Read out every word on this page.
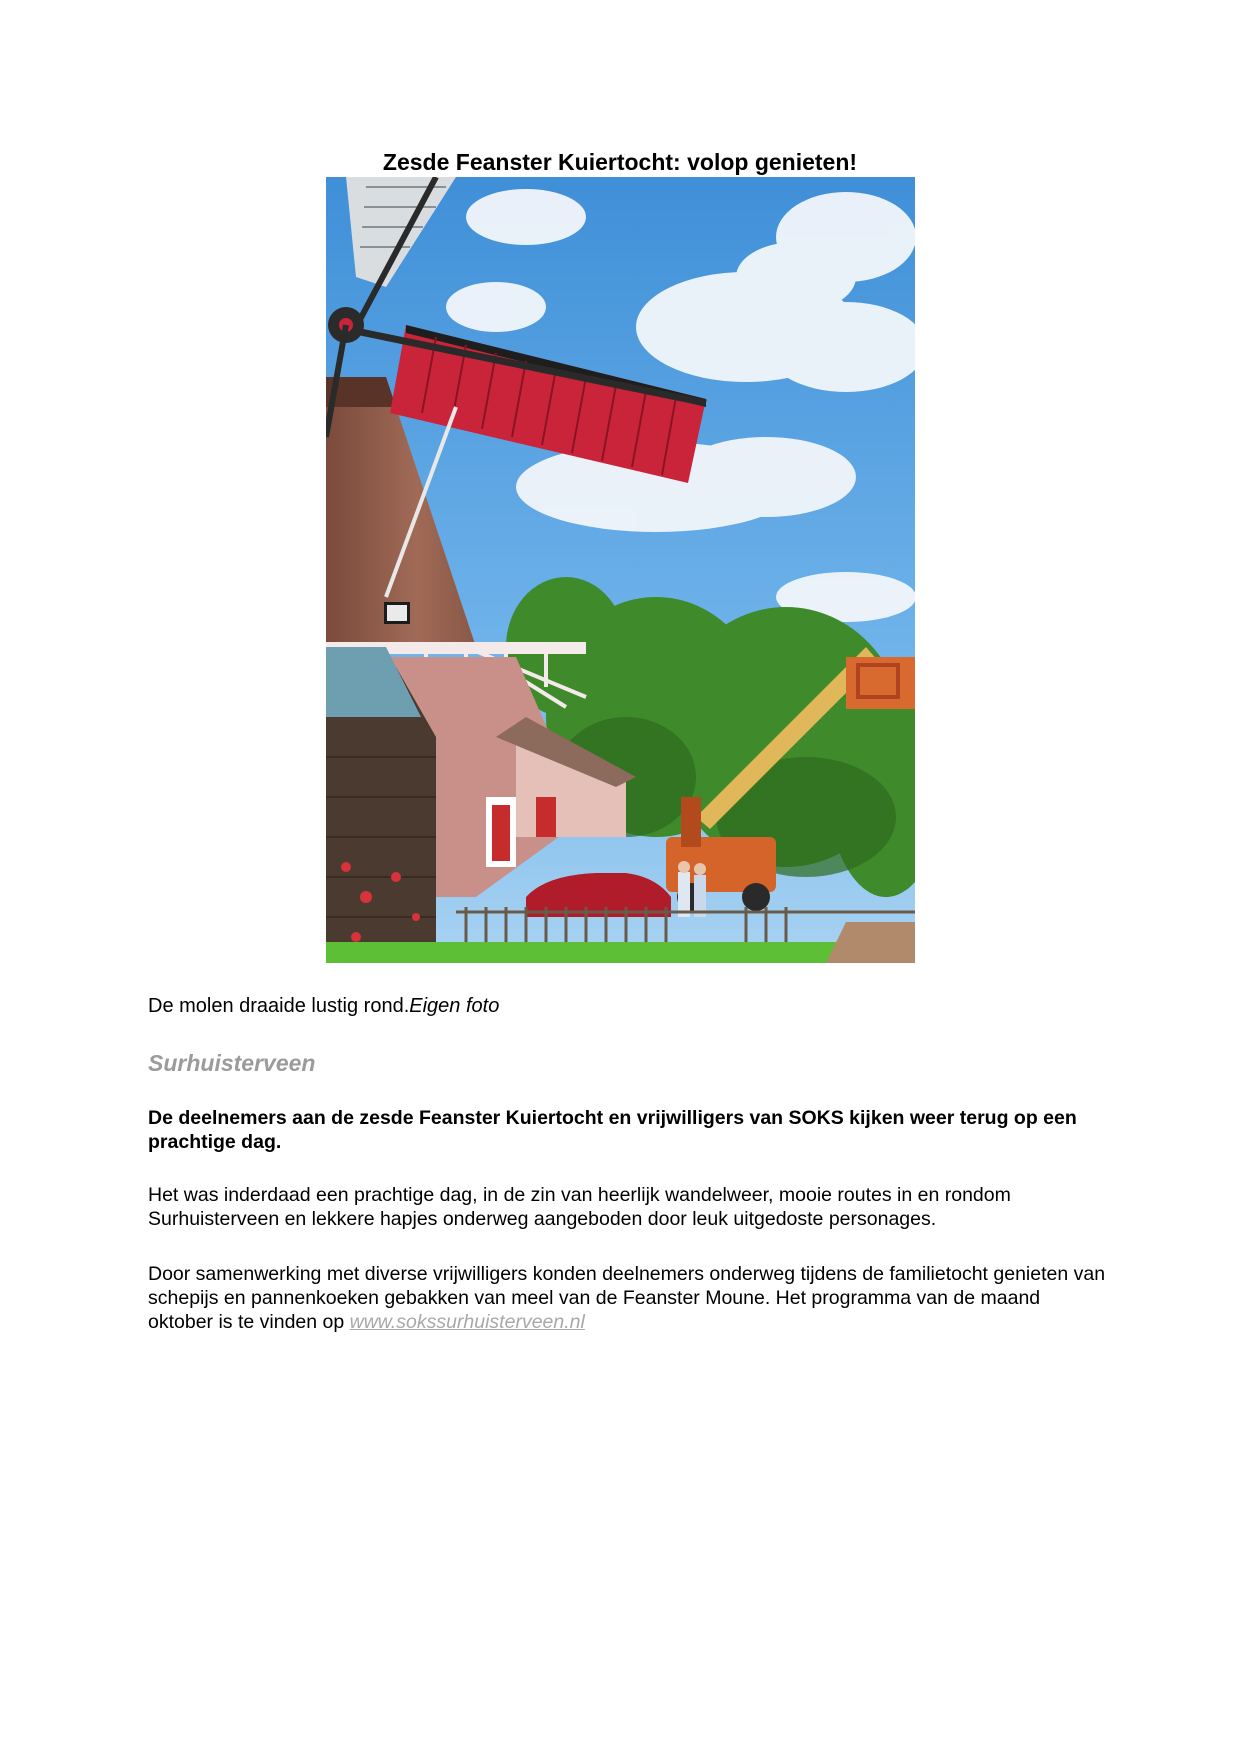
Zesde Feanster Kuiertocht: volop genieten!
De molen draaide lustig rond.Eigen foto
Surhuisterveen
De deelnemers aan de zesde Feanster Kuiertocht en vrijwilligers van SOKS kijken weer terug op een prachtige dag.
Het was inderdaad een prachtige dag, in de zin van heerlijk wandelweer, mooie routes in en rondom Surhuisterveen en lekkere hapjes onderweg aangeboden door leuk uitgedoste personages.
Door samenwerking met diverse vrijwilligers konden deelnemers onderweg tijdens de familietocht genieten van schepijs en pannenkoeken gebakken van meel van de Feanster Moune. Het programma van de maand oktober is te vinden op www.sokssurhuisterveen.nl
